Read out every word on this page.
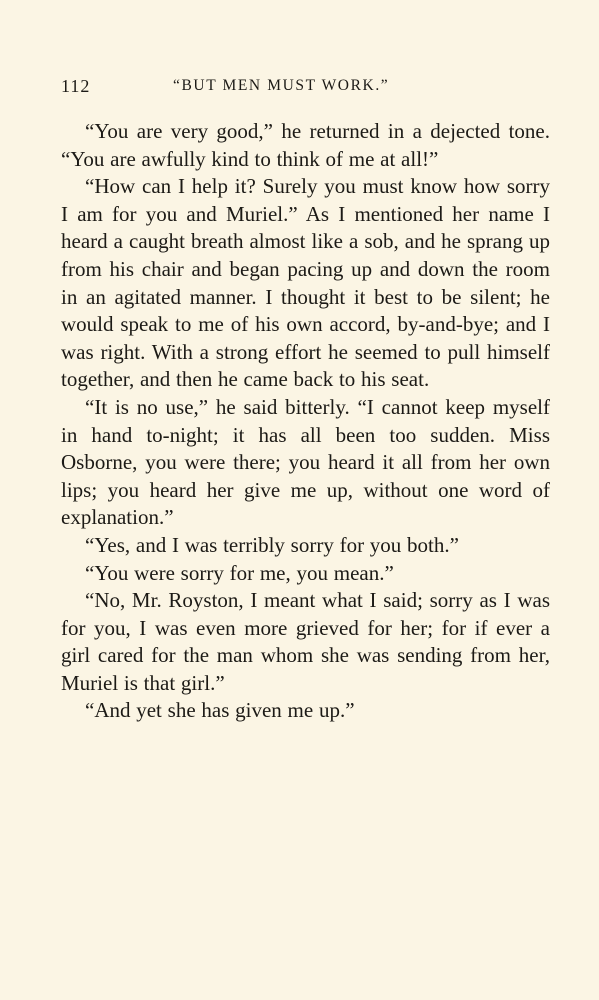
112	“BUT MEN MUST WORK.”

“You are very good,” he returned in a dejected tone. “You are awfully kind to think of me at all!”

“How can I help it? Surely you must know how sorry I am for you and Muriel.” As I mentioned her name I heard a caught breath almost like a sob, and he sprang up from his chair and began pacing up and down the room in an agitated manner. I thought it best to be silent; he would speak to me of his own accord, by-and-bye; and I was right. With a strong effort he seemed to pull himself together, and then he came back to his seat.

“It is no use,” he said bitterly. “I cannot keep myself in hand to-night; it has all been too sudden. Miss Osborne, you were there; you heard it all from her own lips; you heard her give me up, without one word of explanation.”

“Yes, and I was terribly sorry for you both.”

“You were sorry for me, you mean.”

“No, Mr. Royston, I meant what I said; sorry as I was for you, I was even more grieved for her; for if ever a girl cared for the man whom she was sending from her, Muriel is that girl.”

“And yet she has given me up.”
